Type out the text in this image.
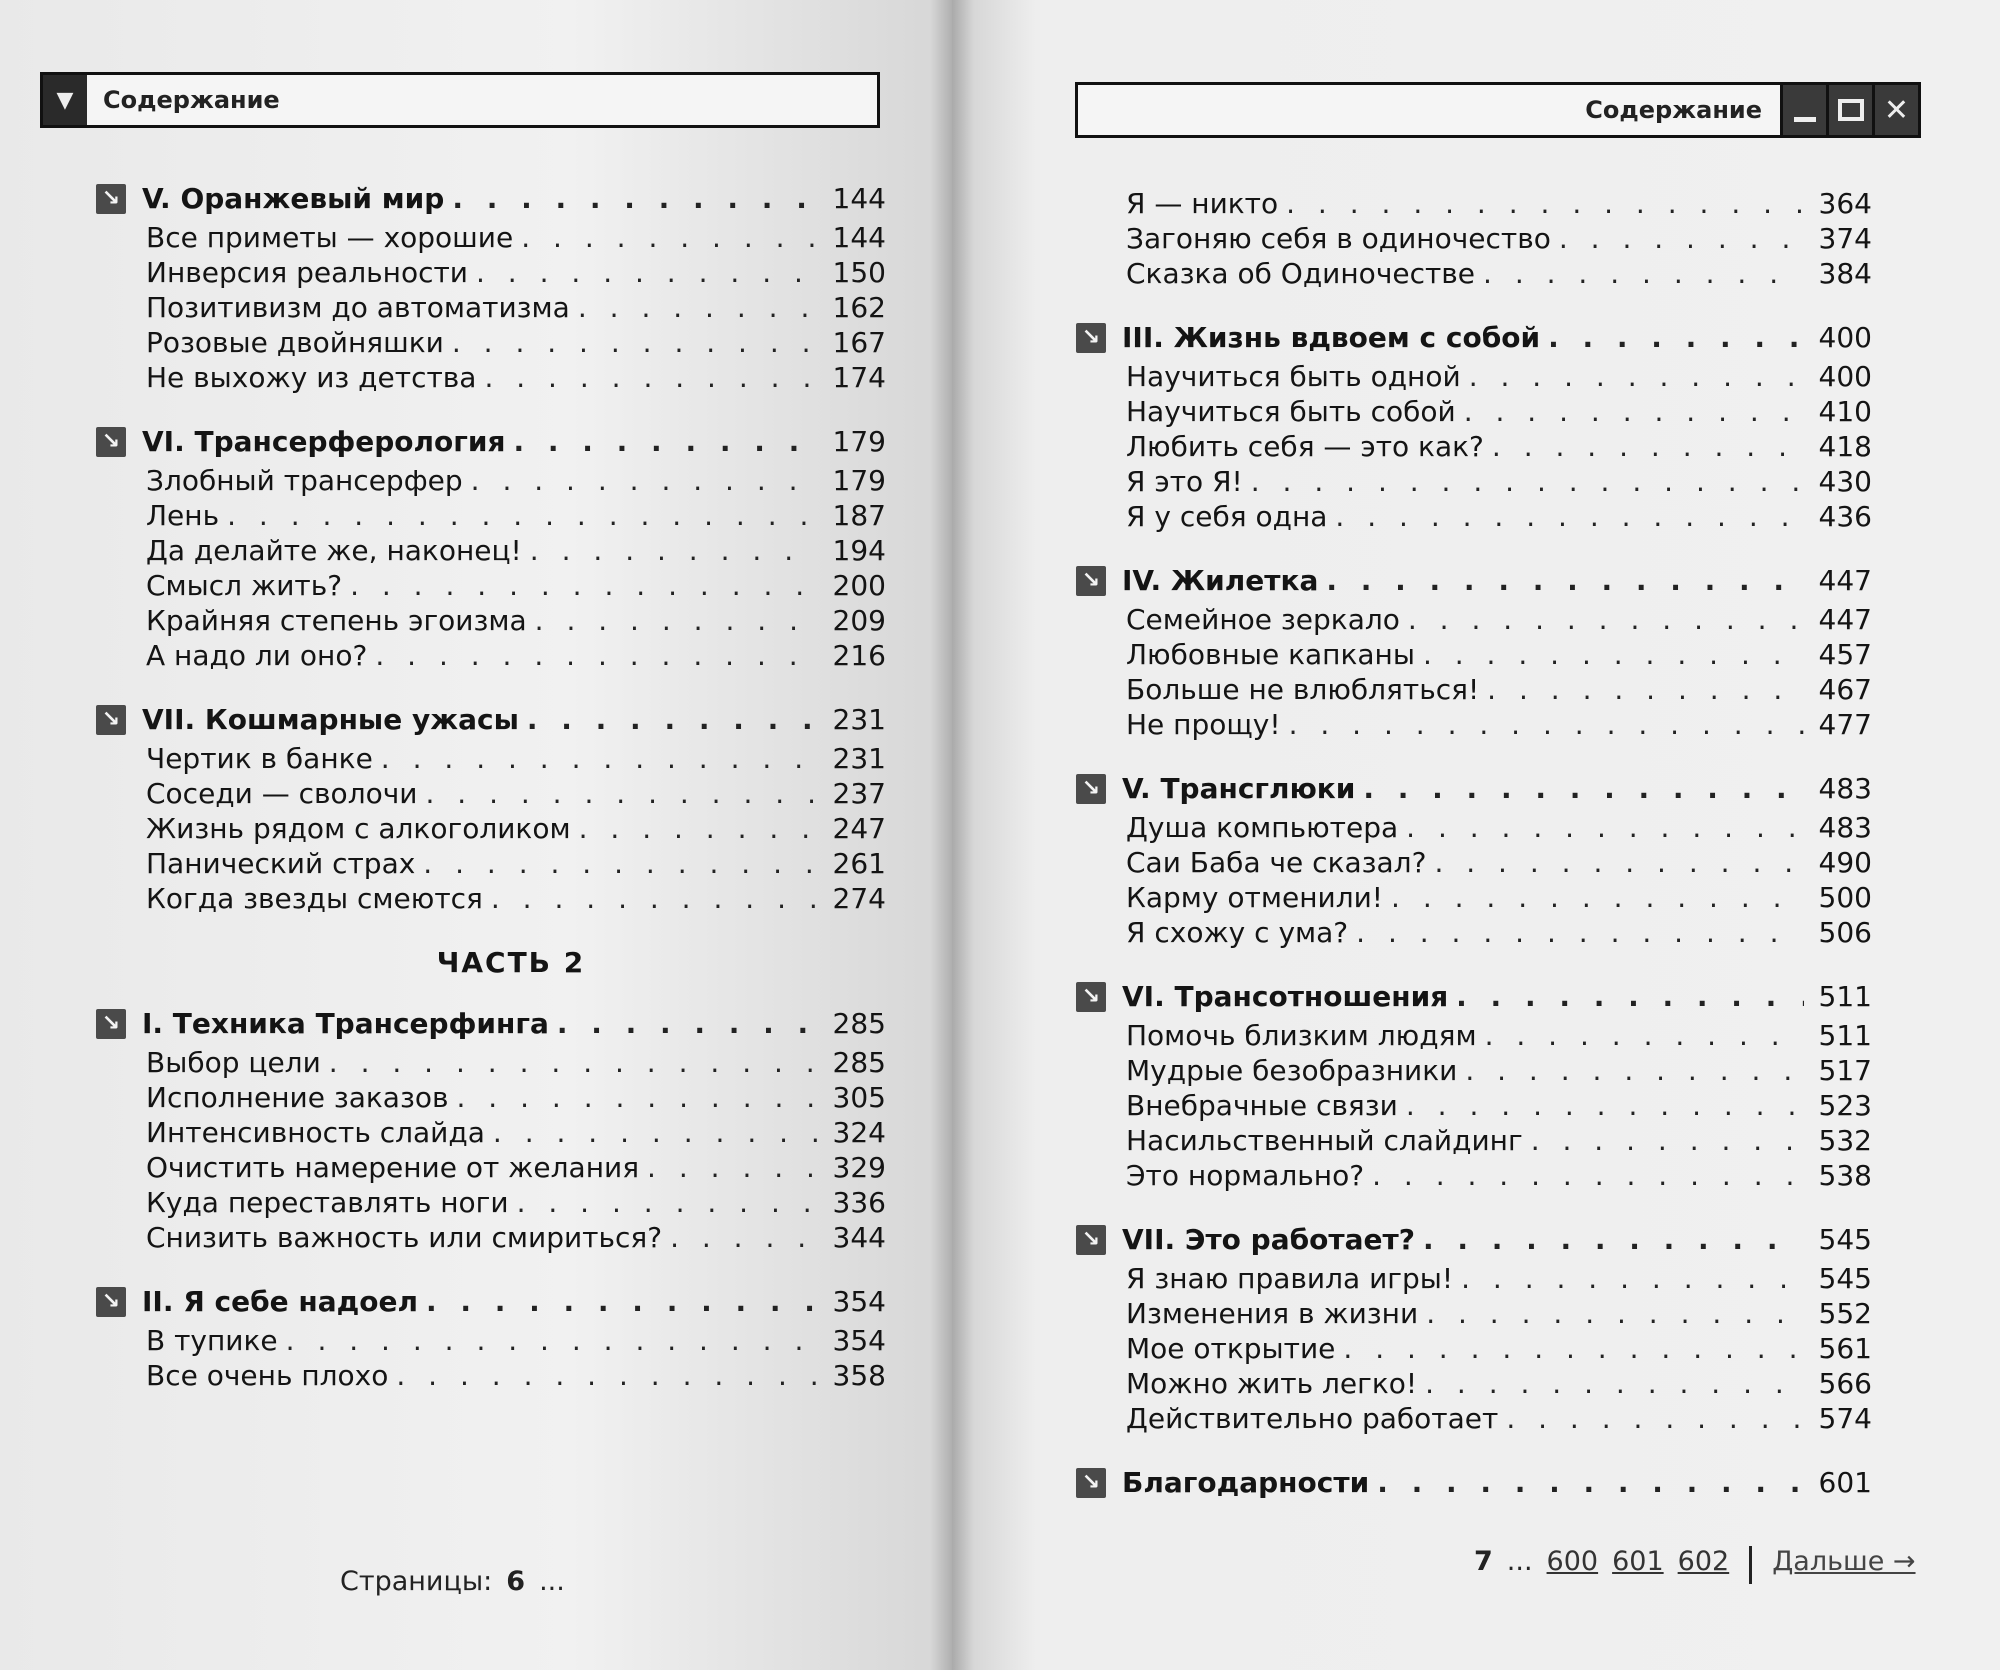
▼	Содержание	Содержание	✕
↘ V. Оранжевый мир . . .	144
Все приметы — хорошие . . .	144
Инверсия реальности . . .	150
Позитивизм до автоматизма . . .	162
Розовые двойняшки . . .	167
Не выхожу из детства . . .	174
↘ VI. Трансерферология . . .	179
Злобный трансерфер . . .	179
Лень . . .	187
Да делайте же, наконец! . . .	194
Смысл жить? . . .	200
Крайняя степень эгоизма . . .	209
А надо ли оно? . . .	216
↘ VII. Кошмарные ужасы . . .	231
Чертик в банке . . .	231
Соседи — сволочи . . .	237
Жизнь рядом с алкоголиком . . .	247
Панический страх . . .	261
Когда звезды смеются . . .	274
ЧАСТЬ 2
↘ I. Техника Трансерфинга . . .	285
Выбор цели . . .	285
Исполнение заказов . . .	305
Интенсивность слайда . . .	324
Очистить намерение от желания . . .	329
Куда переставлять ноги . . .	336
Снизить важность или смириться? . . .	344
↘ II. Я себе надоел . . .	354
В тупике . . .	354
Все очень плохо . . .	358
Я — никто . . .	364
Загоняю себя в одиночество . . .	374
Сказка об Одиночестве . . .	384
↘ III. Жизнь вдвоем с собой . . .	400
Научиться быть одной . . .	400
Научиться быть собой . . .	410
Любить себя — это как? . . .	418
Я это Я! . . .	430
Я у себя одна . . .	436
↘ IV. Жилетка . . .	447
Семейное зеркало . . .	447
Любовные капканы . . .	457
Больше не влюбляться! . . .	467
Не прощу! . . .	477
↘ V. Трансглюки . . .	483
Душа компьютера . . .	483
Саи Баба че сказал? . . .	490
Карму отменили! . . .	500
Я схожу с ума? . . .	506
↘ VI. Трансотношения . . .	511
Помочь близким людям . . .	511
Мудрые безобразники . . .	517
Внебрачные связи . . .	523
Насильственный слайдинг . . .	532
Это нормально? . . .	538
↘ VII. Это работает? . . .	545
Я знаю правила игры! . . .	545
Изменения в жизни . . .	552
Мое открытие . . .	561
Можно жить легко! . . .	566
Действительно работает . . .	574
↘ Благодарности . . .	601
Страницы: 6 ...
7 ... 600 601 602 Дальше →
